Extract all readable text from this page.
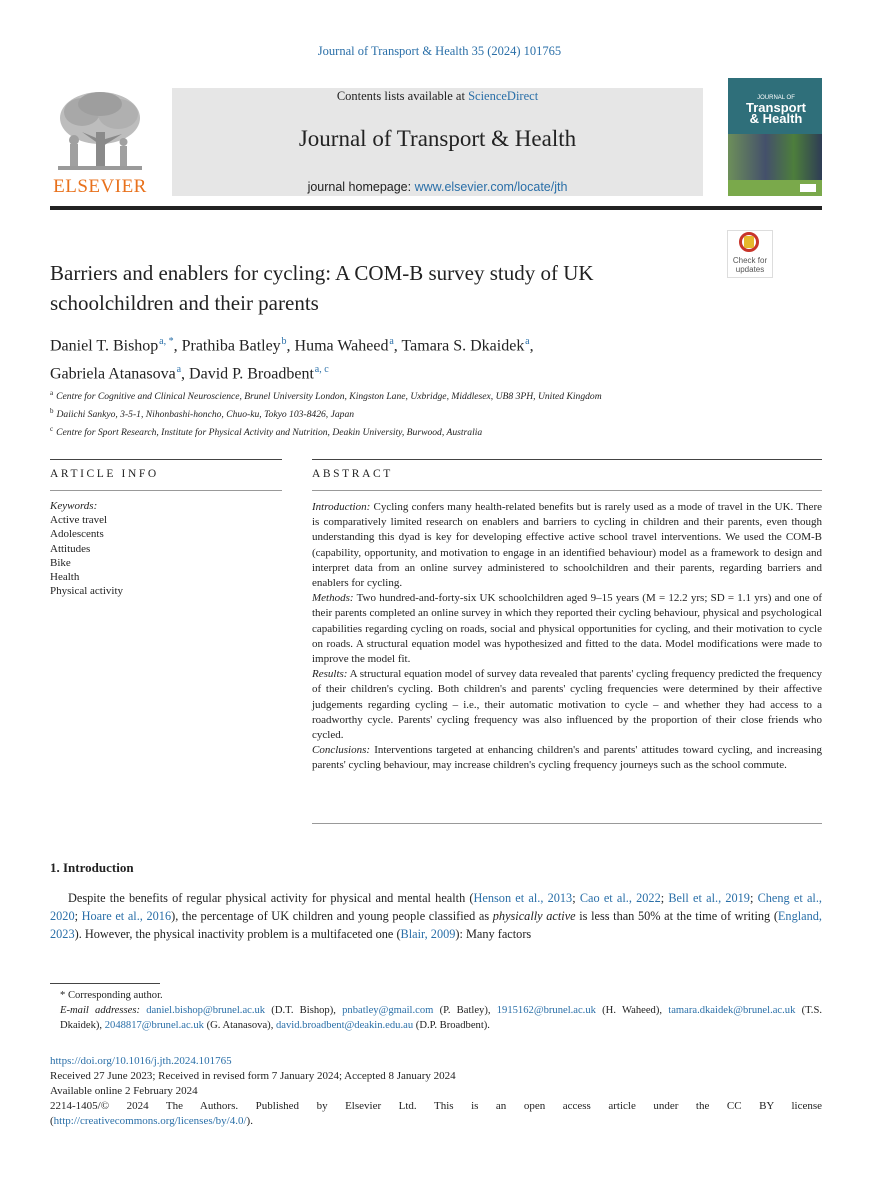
Journal of Transport & Health 35 (2024) 101765
ELSEVIER
Contents lists available at ScienceDirect
Journal of Transport & Health
journal homepage: www.elsevier.com/locate/jth
JOURNAL OF
Transport
& Health
Barriers and enablers for cycling: A COM-B survey study of UK
schoolchildren and their parents
Check for
updates
Daniel T. Bishop $^{a, *}$, Prathiba Batley $^b$, Huma Waheed $^a$, Tamara S. Dkaidek $^a$,
Gabriela Atanasova $^a$, David P. Broadbent $^{a, c}$
$^a$ Centre for Cognitive and Clinical Neuroscience, Brunel University London, Kingston Lane, Uxbridge, Middlesex, UB8 3PH, United Kingdom
$^b$ Daiichi Sankyo, 3-5-1, Nihonbashi-honcho, Chuo-ku, Tokyo 103-8426, Japan
$^c$ Centre for Sport Research, Institute for Physical Activity and Nutrition, Deakin University, Burwood, Australia
ARTICLE INFO	ABSTRACT
Keywords:
Active travel
Adolescents
Attitudes
Bike
Health
Physical activity

Introduction: Cycling confers many health-related benefits but is rarely used as a mode of travel in the UK. There is comparatively limited research on enablers and barriers to cycling in children and their parents, even though understanding this dyad is key for developing effective active school travel interventions. We used the COM-B (capability, opportunity, and motivation to engage in an identified behaviour) model as a framework to design and interpret data from an online survey administered to schoolchildren and their parents, regarding barriers and enablers for cycling.

Methods: Two hundred-and-forty-six UK schoolchildren aged 9–15 years (M = 12.2 yrs; SD = 1.1 yrs) and one of their parents completed an online survey in which they reported their cycling behaviour, physical and psychological capabilities regarding cycling on roads, social and physical opportunities for cycling, and their motivation to cycle on roads. A structural equation model was hypothesized and fitted to the data. Model modifications were made to improve the model fit.

Results: A structural equation model of survey data revealed that parents' cycling frequency predicted the frequency of their children's cycling. Both children's and parents' cycling frequencies were determined by their affective judgements regarding cycling – i.e., their automatic motivation to cycle – and whether they had access to a roadworthy cycle. Parents' cycling frequency was also influenced by the proportion of their close friends who cycled.

Conclusions: Interventions targeted at enhancing children's and parents' attitudes toward cycling, and increasing parents' cycling behaviour, may increase children's cycling frequency journeys such as the school commute.

1. Introduction

Despite the benefits of regular physical activity for physical and mental health (Henson et al., 2013; Cao et al., 2022; Bell et al., 2019; Cheng et al., 2020; Hoare et al., 2016), the percentage of UK children and young people classified as physically active is less than 50% at the time of writing (England, 2023). However, the physical inactivity problem is a multifaceted one (Blair, 2009): Many factors

* Corresponding author.

E-mail addresses: daniel.bishop@brunel.ac.uk (D.T. Bishop), pnbatley@gmail.com (P. Batley), 1915162@brunel.ac.uk (H. Waheed), tamara.dkaidek@brunel.ac.uk (T.S. Dkaidek), 2048817@brunel.ac.uk (G. Atanasova), david.broadbent@deakin.edu.au (D.P. Broadbent).

https://doi.org/10.1016/j.jth.2024.101765

Received 27 June 2023; Received in revised form 7 January 2024; Accepted 8 January 2024

Available online 2 February 2024

2214-1405/© 2024 The Authors. Published by Elsevier Ltd. This is an open access article under the CC BY license

(http://creativecommons.org/licenses/by/4.0/).
